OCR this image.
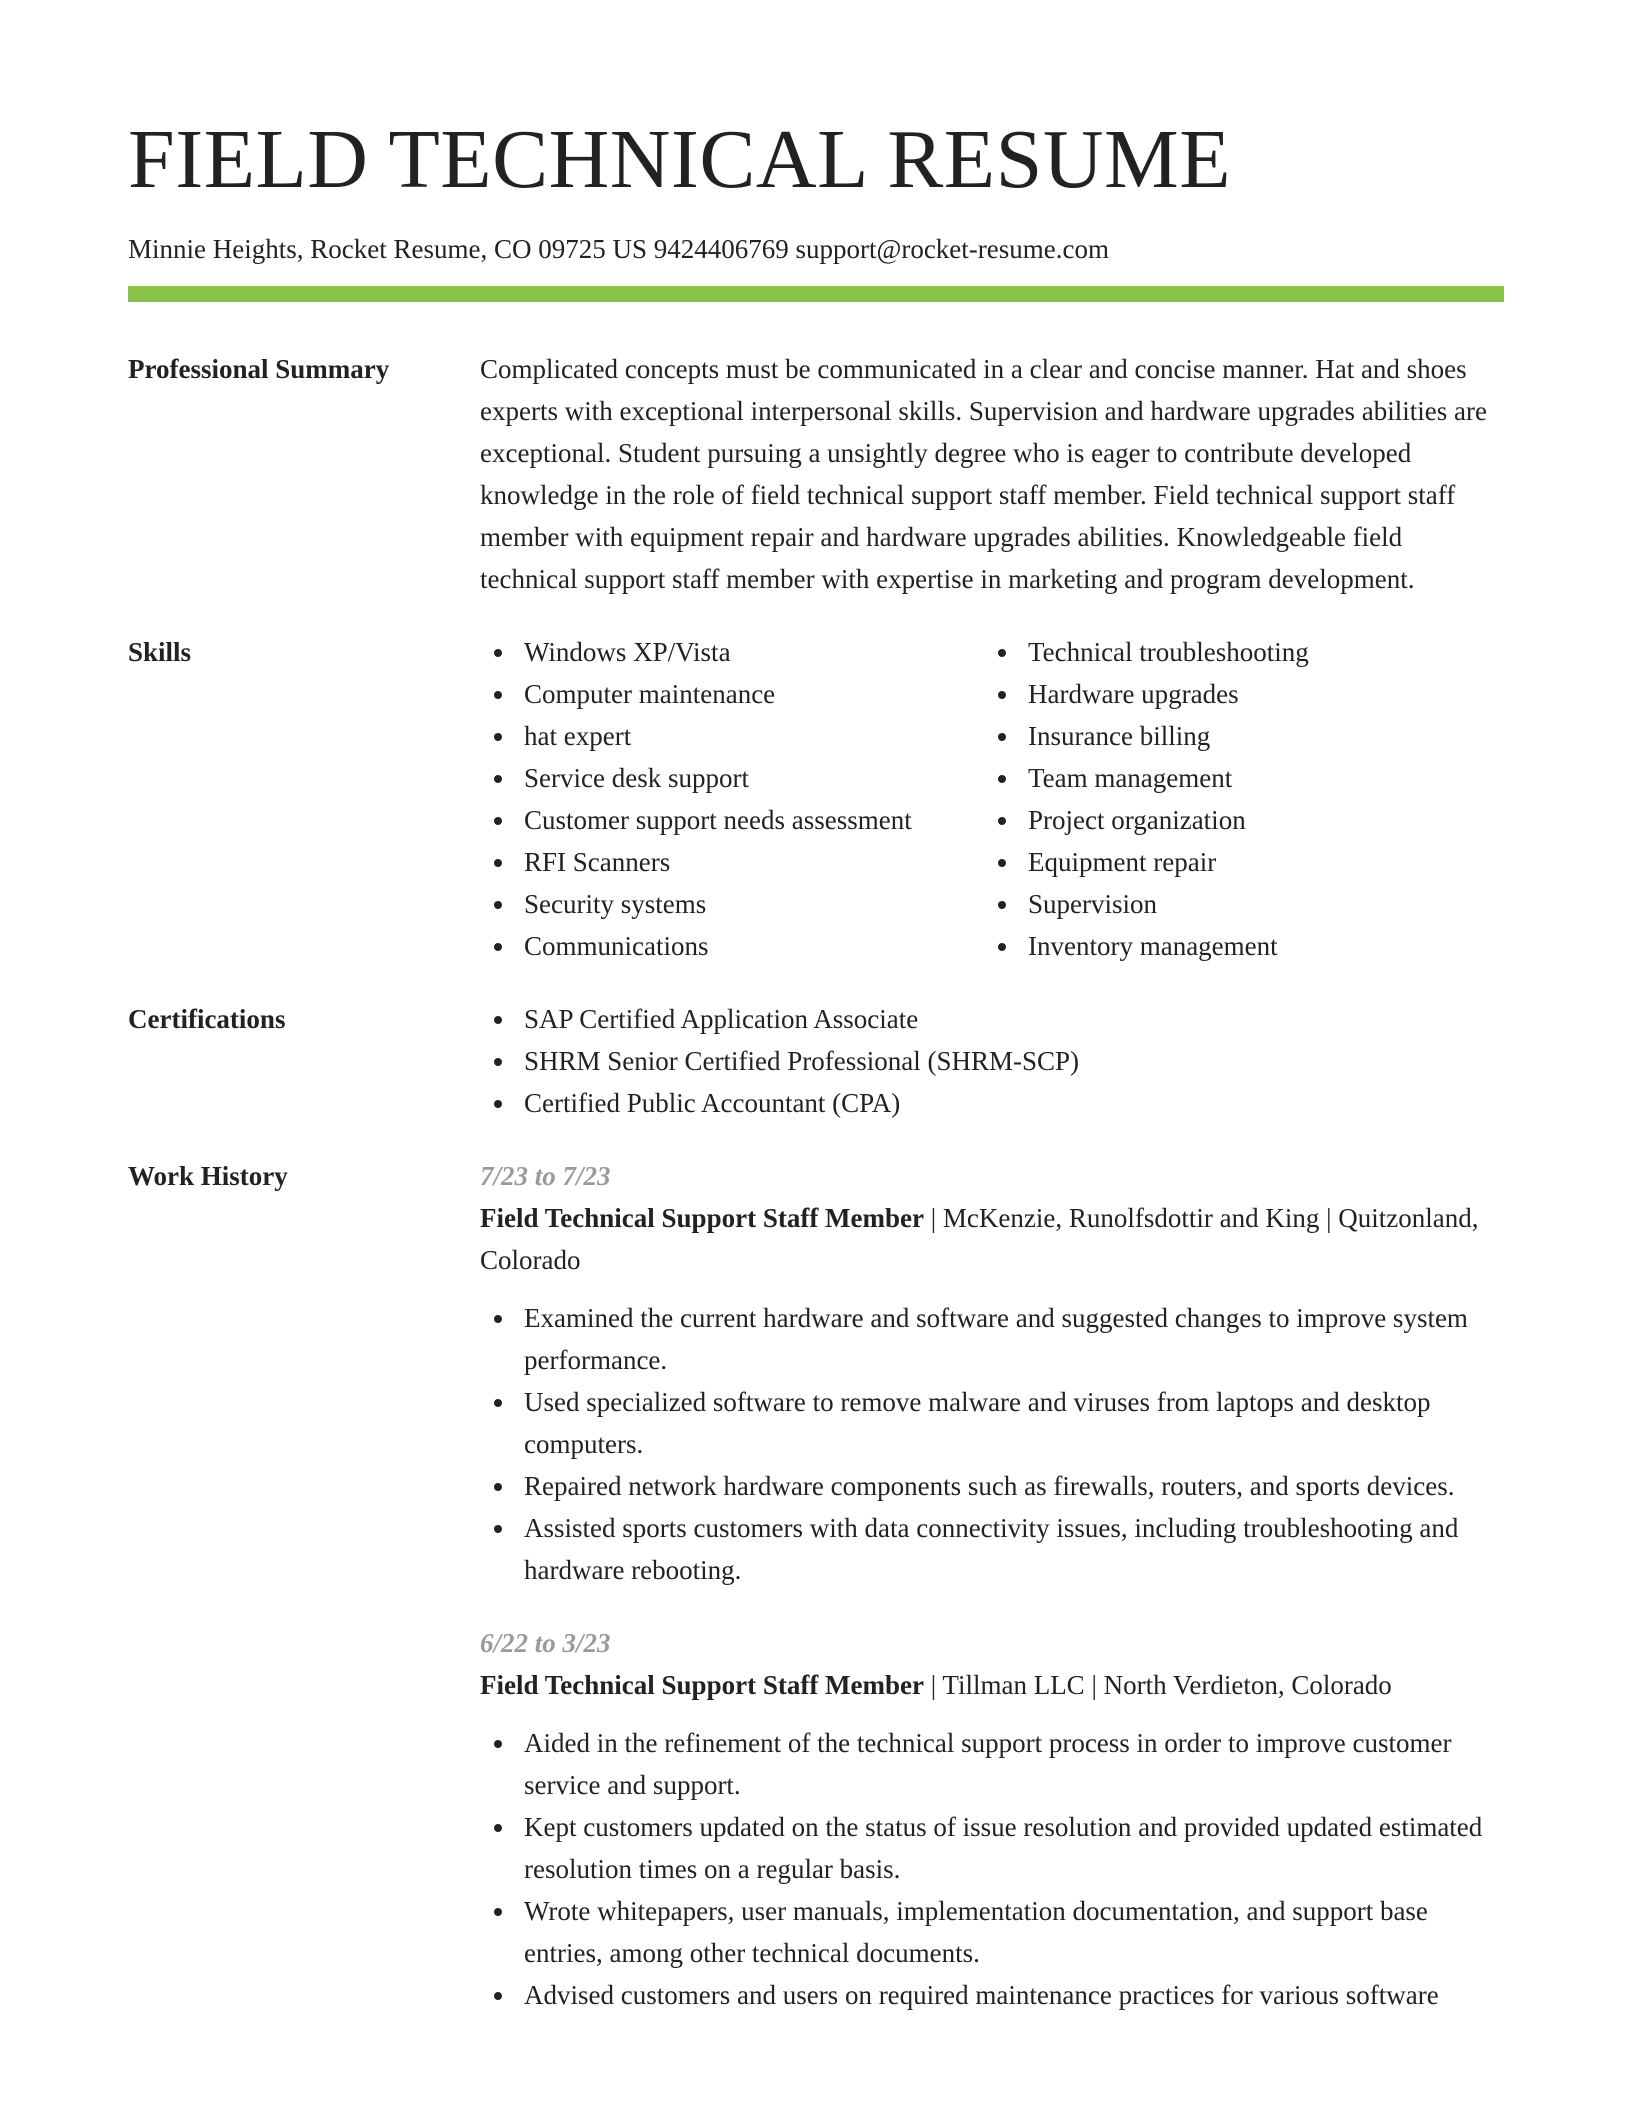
FIELD TECHNICAL RESUME
Minnie Heights, Rocket Resume, CO 09725 US 9424406769 support@rocket-resume.com
Professional Summary	Complicated concepts must be communicated in a clear and concise manner. Hat and shoes experts with exceptional interpersonal skills. Supervision and hardware upgrades abilities are exceptional. Student pursuing a unsightly degree who is eager to contribute developed knowledge in the role of field technical support staff member. Field technical support staff member with equipment repair and hardware upgrades abilities. Knowledgeable field technical support staff member with expertise in marketing and program development.

Skills	Windows XP/Vista
Computer maintenance
hat expert
Service desk support
Customer support needs assessment
RFI Scanners
Security systems
Communications
Technical troubleshooting
Hardware upgrades
Insurance billing
Team management
Project organization
Equipment repair
Supervision
Inventory management
Certifications	SAP Certified Application Associate
SHRM Senior Certified Professional (SHRM-SCP)
Certified Public Accountant (CPA)
Work History	7/23 to 7/23
Field Technical Support Staff Member | McKenzie, Runolfsdottir and King | Quitzonland, Colorado
Examined the current hardware and software and suggested changes to improve system performance.
Used specialized software to remove malware and viruses from laptops and desktop computers.
Repaired network hardware components such as firewalls, routers, and sports devices.
Assisted sports customers with data connectivity issues, including troubleshooting and hardware rebooting.
6/22 to 3/23
Field Technical Support Staff Member | Tillman LLC | North Verdieton, Colorado
Aided in the refinement of the technical support process in order to improve customer service and support.
Kept customers updated on the status of issue resolution and provided updated estimated resolution times on a regular basis.
Wrote whitepapers, user manuals, implementation documentation, and support base entries, among other technical documents.
Advised customers and users on required maintenance practices for various software
